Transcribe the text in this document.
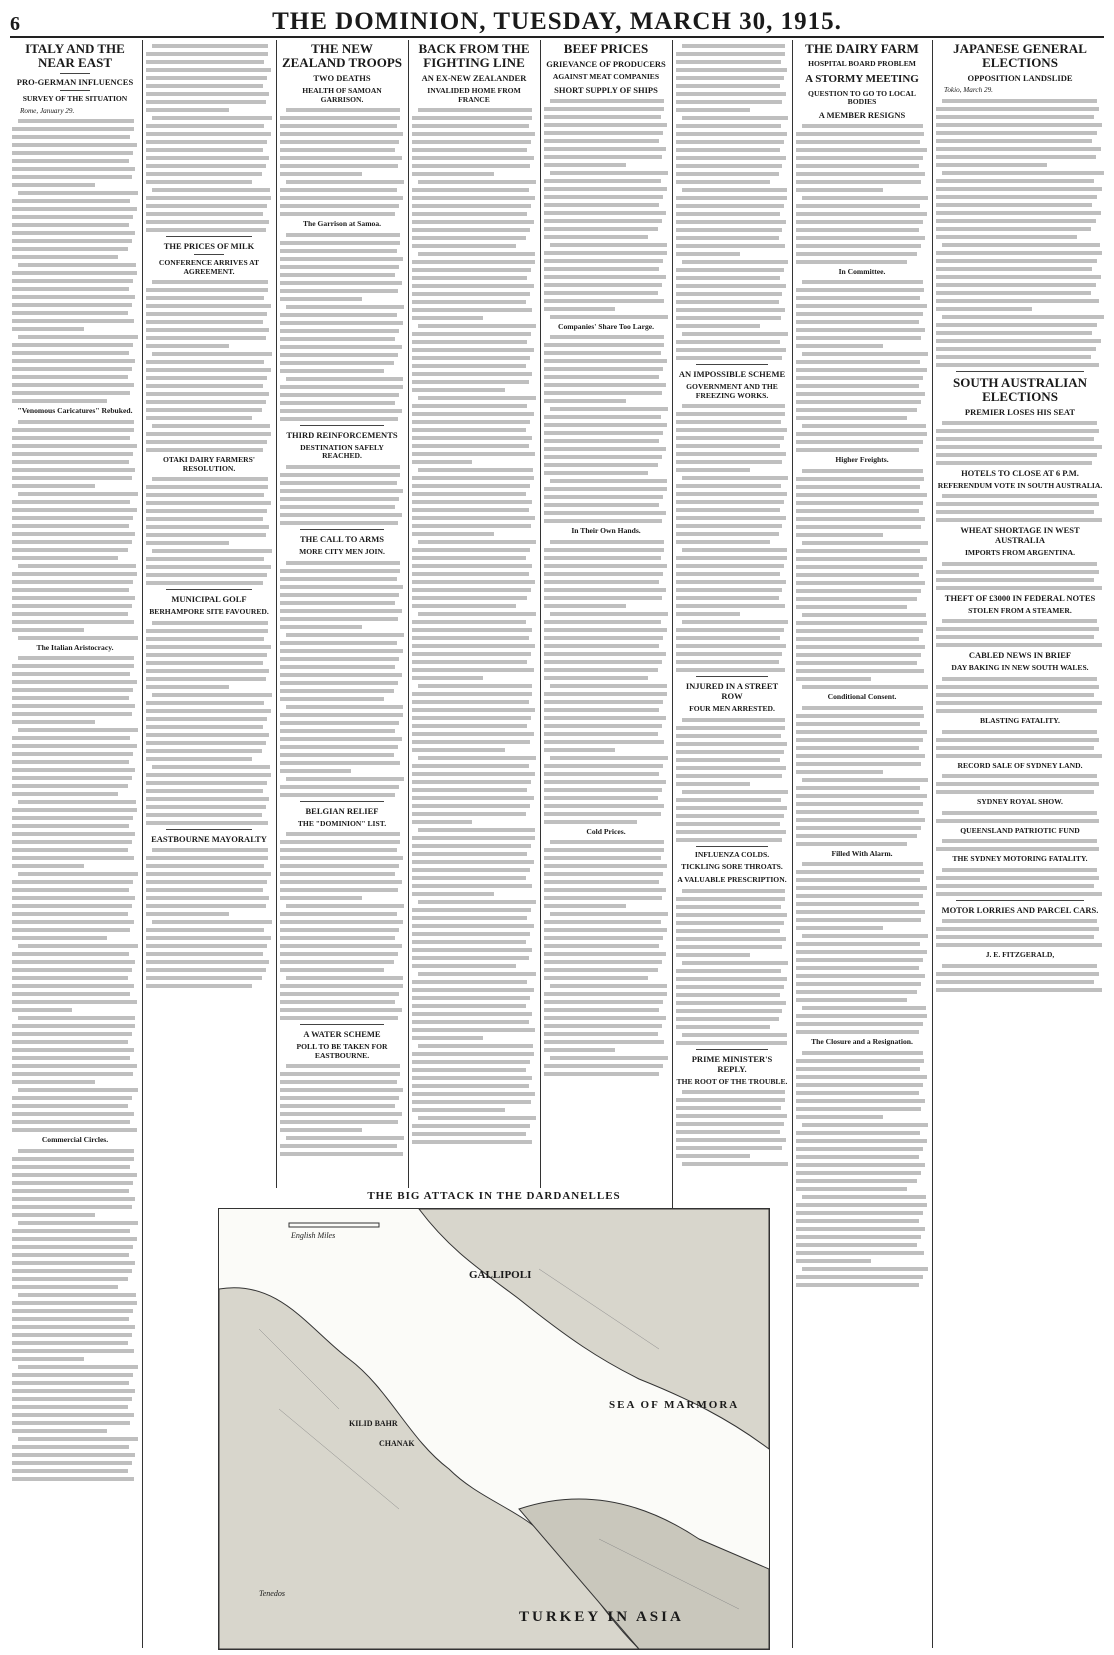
6	THE DOMINION, TUESDAY, MARCH 30, 1915.
ITALY AND THE NEAR EAST
PRO-GERMAN INFLUENCES
SURVEY OF THE SITUATION

Rome, January 29.

"Venomous Caricatures" Rebuked.
The Italian Aristocracy.
Commercial Circles.
THE PRICES OF MILK
CONFERENCE ARRIVES AT AGREEMENT.
OTAKI DAIRY FARMERS' RESOLUTION.
MUNICIPAL GOLF
BERHAMPORE SITE FAVOURED.
EASTBOURNE MAYORALTY
THE NEW ZEALAND TROOPS
TWO DEATHS
HEALTH OF SAMOAN GARRISON.
The Garrison at Samoa.
THIRD REINFORCEMENTS
DESTINATION SAFELY REACHED.
THE CALL TO ARMS
MORE CITY MEN JOIN.
BELGIAN RELIEF
THE "DOMINION" LIST.
A WATER SCHEME
POLL TO BE TAKEN FOR EASTBOURNE.
BACK FROM THE FIGHTING LINE
AN EX-NEW ZEALANDER
INVALIDED HOME FROM FRANCE
BEEF PRICES
GRIEVANCE OF PRODUCERS
AGAINST MEAT COMPANIES
SHORT SUPPLY OF SHIPS
Companies' Share Too Large.
In Their Own Hands.
Cold Prices.
AN IMPOSSIBLE SCHEME
GOVERNMENT AND THE FREEZING WORKS.
INJURED IN A STREET ROW
FOUR MEN ARRESTED.
INFLUENZA COLDS.
TICKLING SORE THROATS.
A VALUABLE PRESCRIPTION.
PRIME MINISTER'S REPLY.
THE ROOT OF THE TROUBLE.
THE DAIRY FARM
HOSPITAL BOARD PROBLEM
A STORMY MEETING
QUESTION TO GO TO LOCAL BODIES
A MEMBER RESIGNS
In Committee.
Higher Freights.
Conditional Consent.
Filled With Alarm.
The Closure and a Resignation.
JAPANESE GENERAL ELECTIONS
OPPOSITION LANDSLIDE

Tokio, March 29.

SOUTH AUSTRALIAN ELECTIONS
PREMIER LOSES HIS SEAT
HOTELS TO CLOSE AT 6 P.M.
REFERENDUM VOTE IN SOUTH AUSTRALIA.
WHEAT SHORTAGE IN WEST AUSTRALIA
IMPORTS FROM ARGENTINA.
THEFT OF £3000 IN FEDERAL NOTES
STOLEN FROM A STEAMER.
CABLED NEWS IN BRIEF
DAY BAKING IN NEW SOUTH WALES.
BLASTING FATALITY.
RECORD SALE OF SYDNEY LAND.
SYDNEY ROYAL SHOW.
QUEENSLAND PATRIOTIC FUND
THE SYDNEY MOTORING FATALITY.
MOTOR LORRIES AND PARCEL CARS.
J. E. FITZGERALD,
THE BIG ATTACK IN THE DARDANELLES
English Miles
GALLIPOLI
SEA OF MARMORA
TURKEY IN ASIA
CHANAK
KILID BAHR
Tenedos
